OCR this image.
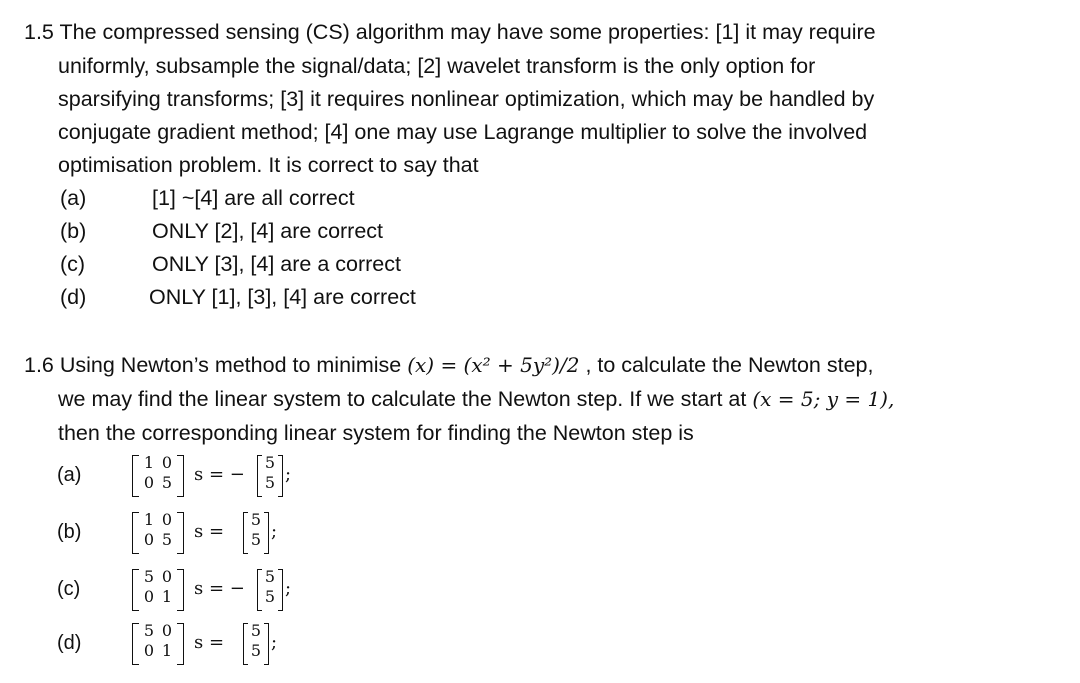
1.5 The compressed sensing (CS) algorithm may have some properties: [1] it may require
uniformly, subsample the signal/data; [2] wavelet transform is the only option for
sparsifying transforms; [3] it requires nonlinear optimization, which may be handled by
conjugate gradient method; [4] one may use Lagrange multiplier to solve the involved
optimisation problem. It is correct to say that
(a)	[1] ~[4] are all correct
(b)	ONLY [2], [4] are correct
(c)	ONLY [3], [4] are a correct
(d)	ONLY [1], [3], [4] are correct
1.6 Using Newton’s method to minimise (x) = (x² + 5y²)/2 , to calculate the Newton step,
we may find the linear system to calculate the Newton step. If we start at (x = 5; y = 1),
then the corresponding linear system for finding the Newton step is
(a)
1 0
0 5 s = −
5
5 ;
(b)
1 0
0 5 s =
5
5 ;
(c)
5 0
0 1 s = −
5
5 ;
(d)
5 0
0 1 s =
5
5 ;
